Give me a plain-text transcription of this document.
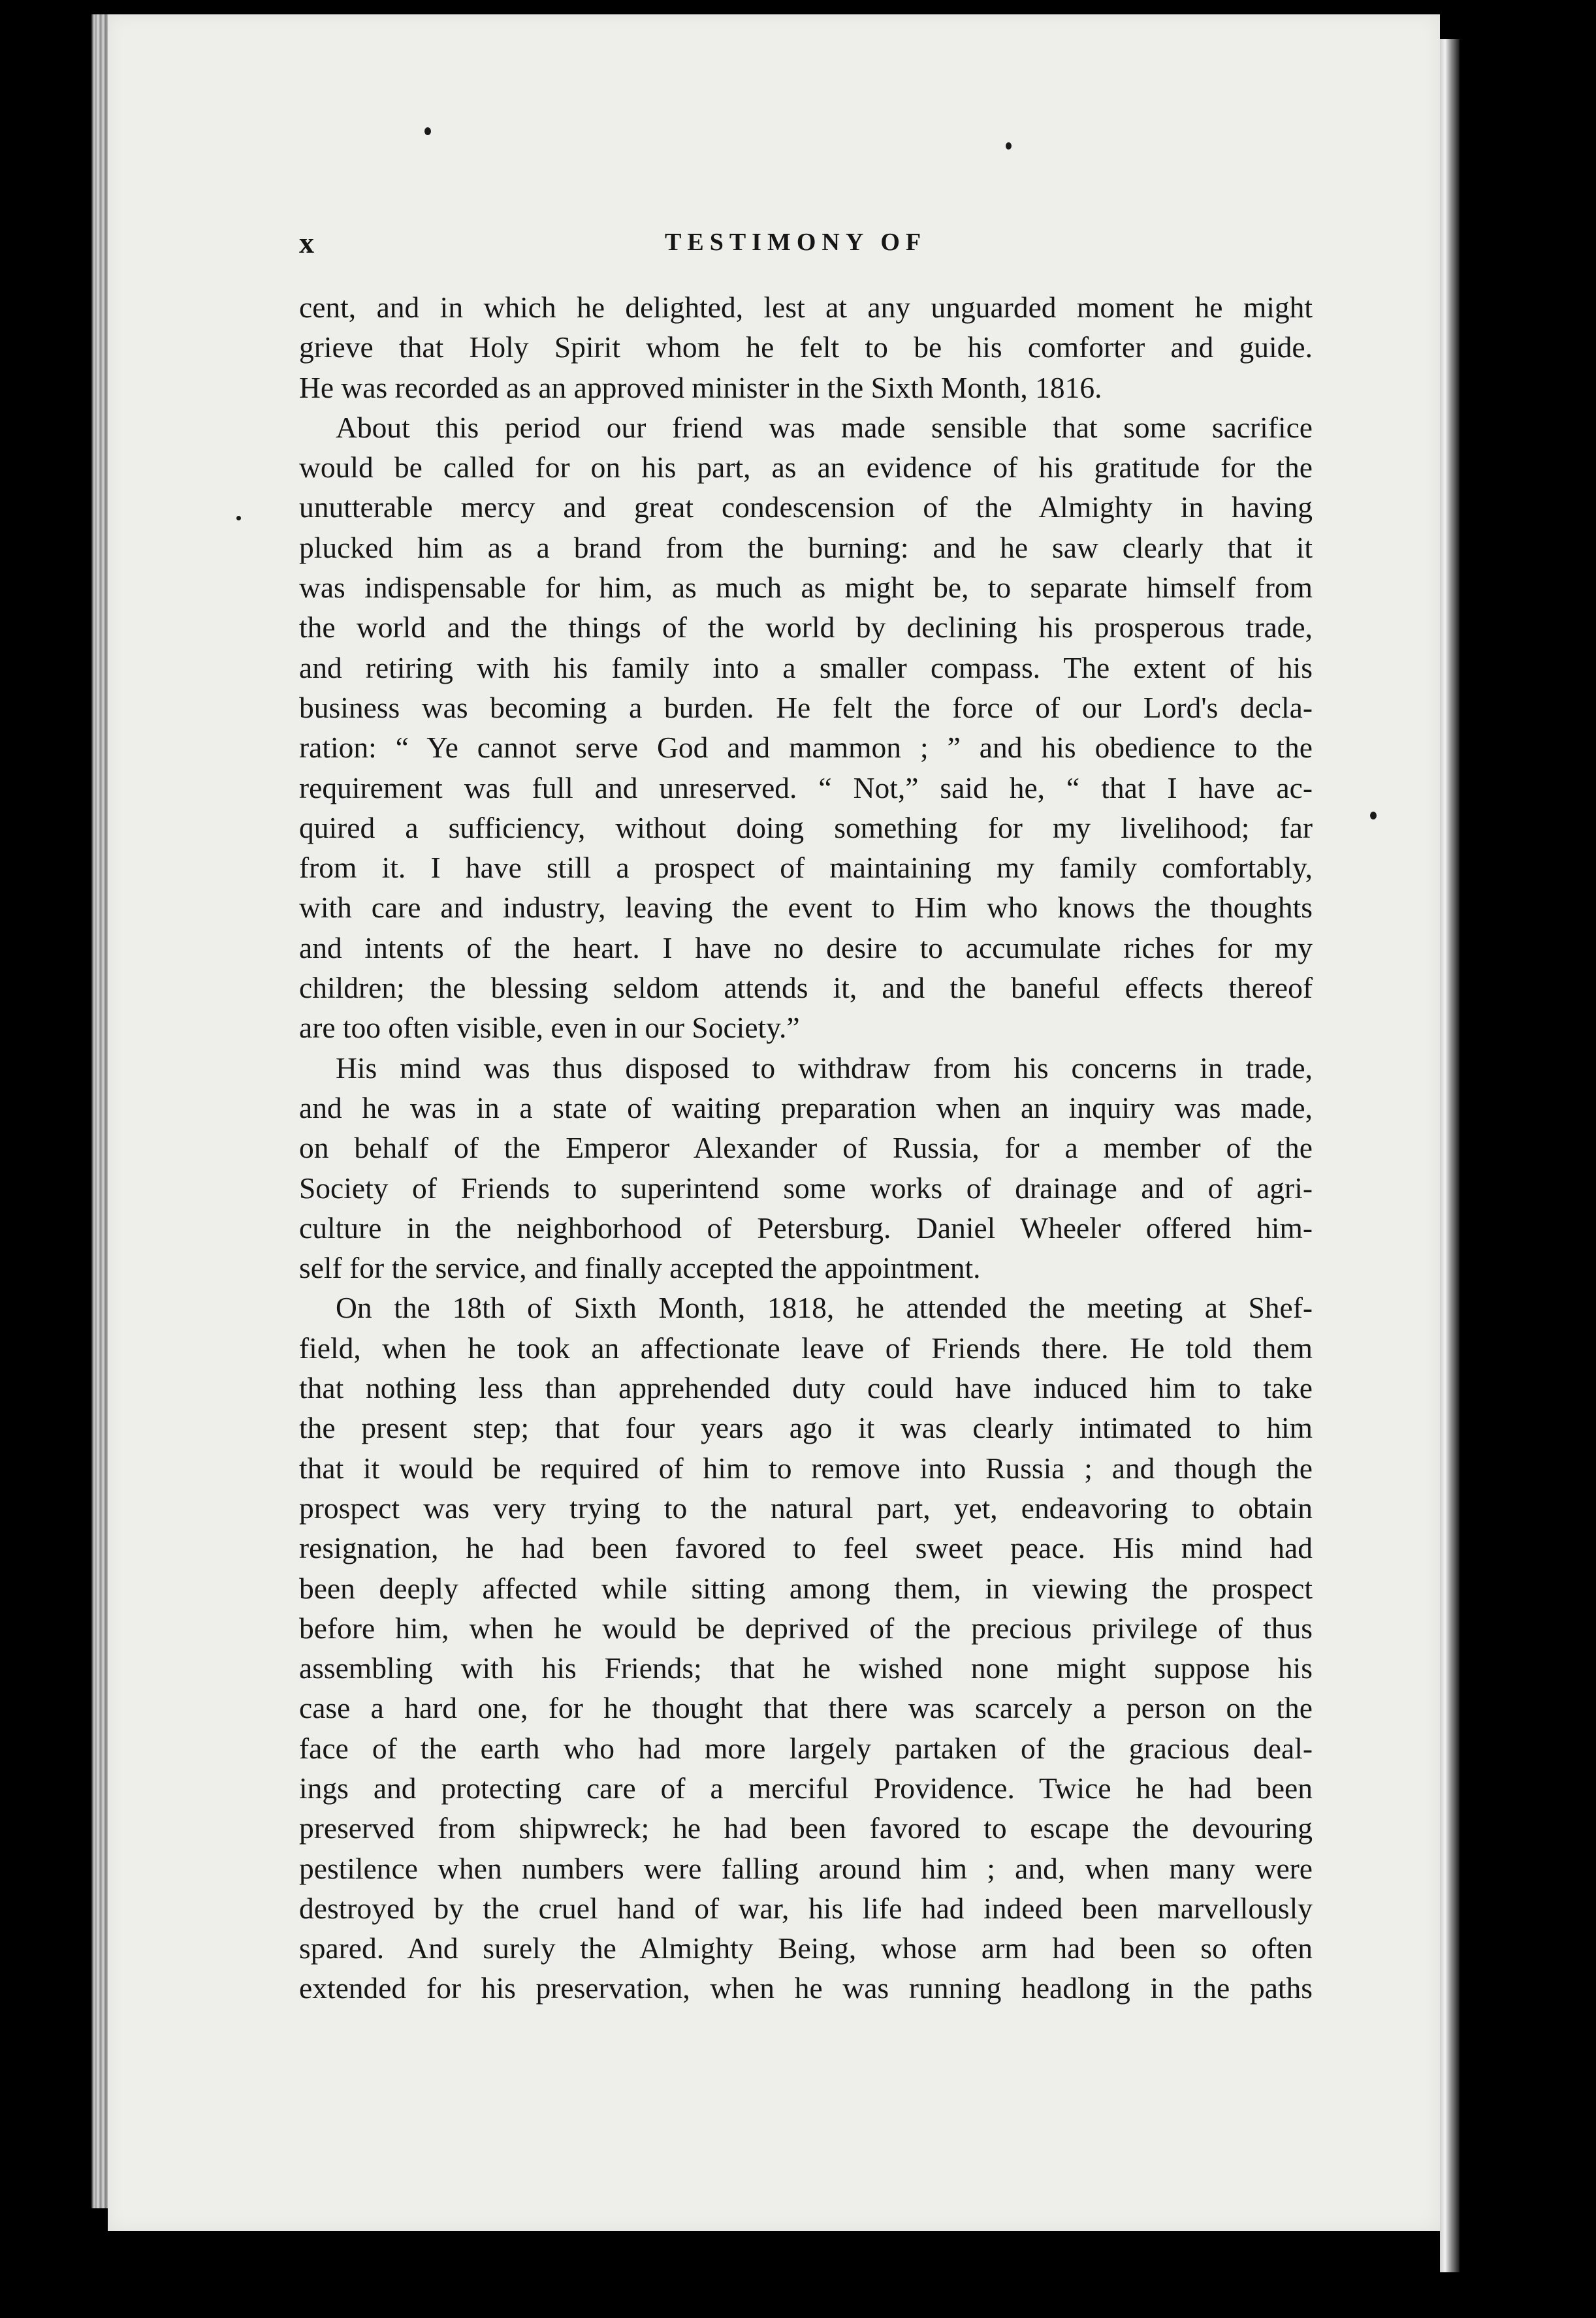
x	TESTIMONY OF
cent, and in which he delighted, lest at any unguarded moment he might
grieve that Holy Spirit whom he felt to be his comforter and guide.
He was recorded as an approved minister in the Sixth Month, 1816.
About this period our friend was made sensible that some sacrifice
would be called for on his part, as an evidence of his gratitude for the
unutterable mercy and great condescension of the Almighty in having
plucked him as a brand from the burning: and he saw clearly that it
was indispensable for him, as much as might be, to separate himself from
the world and the things of the world by declining his prosperous trade,
and retiring with his family into a smaller compass. The extent of his
business was becoming a burden. He felt the force of our Lord's decla-
ration: “ Ye cannot serve God and mammon ; ” and his obedience to the
requirement was full and unreserved. “ Not,” said he, “ that I have ac-
quired a sufficiency, without doing something for my livelihood; far
from it. I have still a prospect of maintaining my family comfortably,
with care and industry, leaving the event to Him who knows the thoughts
and intents of the heart. I have no desire to accumulate riches for my
children; the blessing seldom attends it, and the baneful effects thereof
are too often visible, even in our Society.”
His mind was thus disposed to withdraw from his concerns in trade,
and he was in a state of waiting preparation when an inquiry was made,
on behalf of the Emperor Alexander of Russia, for a member of the
Society of Friends to superintend some works of drainage and of agri-
culture in the neighborhood of Petersburg. Daniel Wheeler offered him-
self for the service, and finally accepted the appointment.
On the 18th of Sixth Month, 1818, he attended the meeting at Shef-
field, when he took an affectionate leave of Friends there. He told them
that nothing less than apprehended duty could have induced him to take
the present step; that four years ago it was clearly intimated to him
that it would be required of him to remove into Russia ; and though the
prospect was very trying to the natural part, yet, endeavoring to obtain
resignation, he had been favored to feel sweet peace. His mind had
been deeply affected while sitting among them, in viewing the prospect
before him, when he would be deprived of the precious privilege of thus
assembling with his Friends; that he wished none might suppose his
case a hard one, for he thought that there was scarcely a person on the
face of the earth who had more largely partaken of the gracious deal-
ings and protecting care of a merciful Providence. Twice he had been
preserved from shipwreck; he had been favored to escape the devouring
pestilence when numbers were falling around him ; and, when many were
destroyed by the cruel hand of war, his life had indeed been marvellously
spared. And surely the Almighty Being, whose arm had been so often
extended for his preservation, when he was running headlong in the paths
